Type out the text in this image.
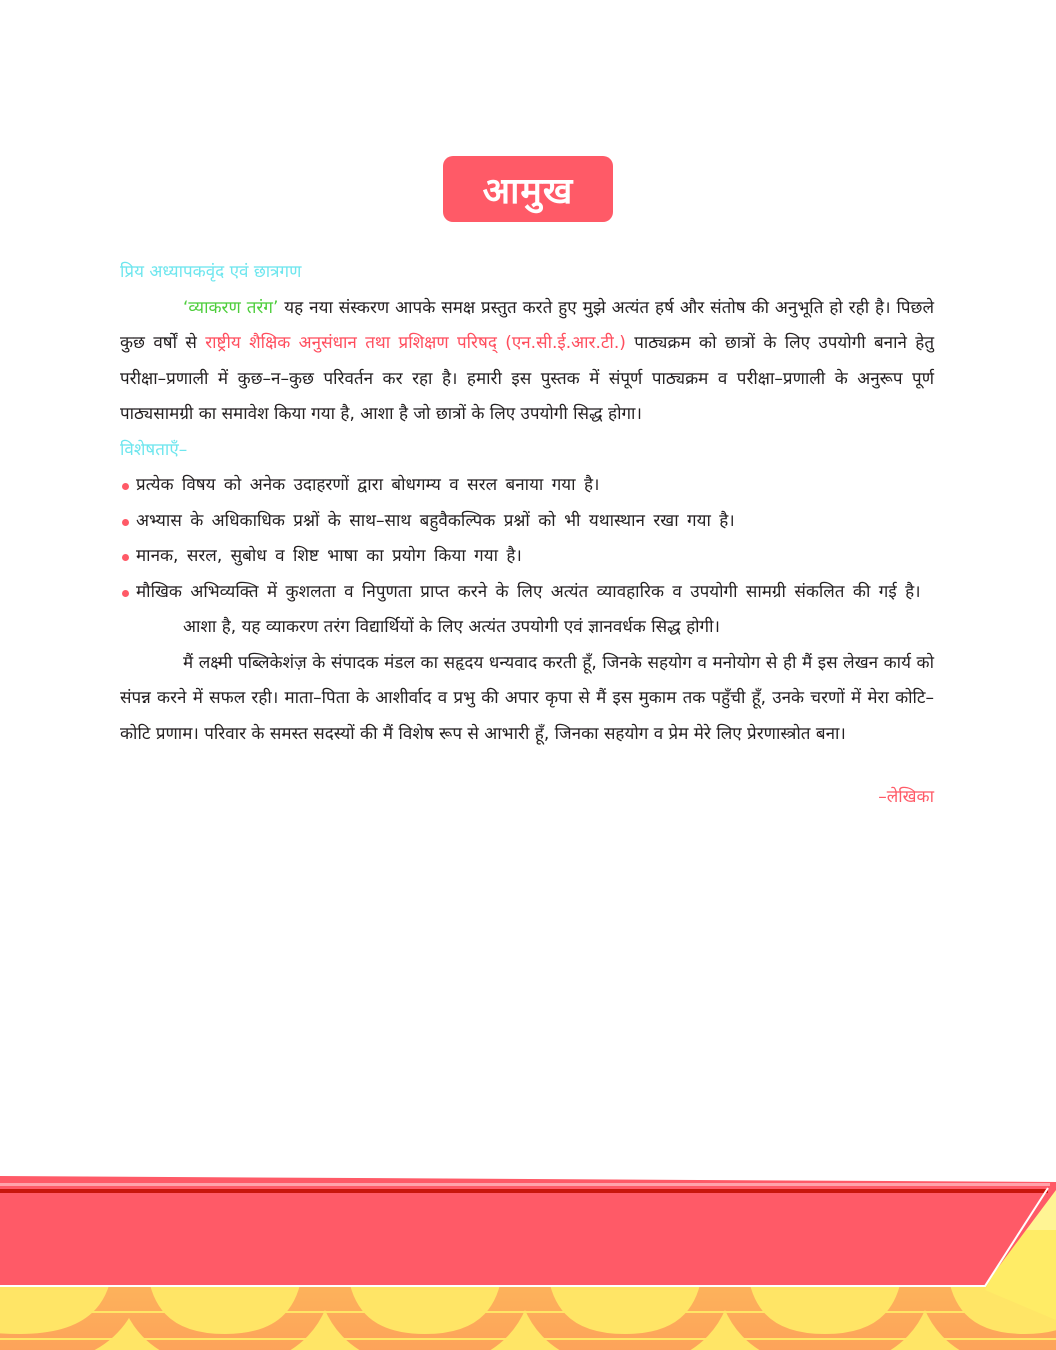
आमुख

प्रिय अध्यापकवृंद एवं छात्रगण

‘व्याकरण तरंग’ यह नया संस्करण आपके समक्ष प्रस्तुत करते हुए मुझे अत्यंत हर्ष और संतोष की अनुभूति हो रही है। पिछले कुछ वर्षों से राष्ट्रीय शैक्षिक अनुसंधान तथा प्रशिक्षण परिषद् (एन.सी.ई.आर.टी.) पाठ्यक्रम को छात्रों के लिए उपयोगी बनाने हेतु परीक्षा–प्रणाली में कुछ–न–कुछ परिवर्तन कर रहा है। हमारी इस पुस्तक में संपूर्ण पाठ्यक्रम व परीक्षा–प्रणाली के अनुरूप पूर्ण पाठ्यसामग्री का समावेश किया गया है, आशा है जो छात्रों के लिए उपयोगी सिद्ध होगा।

विशेषताएँ–

प्रत्येक विषय को अनेक उदाहरणों द्वारा बोधगम्य व सरल बनाया गया है।
अभ्यास के अधिकाधिक प्रश्नों के साथ–साथ बहुवैकल्पिक प्रश्नों को भी यथास्थान रखा गया है।
मानक, सरल, सुबोध व शिष्ट भाषा का प्रयोग किया गया है।
मौखिक अभिव्यक्ति में कुशलता व निपुणता प्राप्त करने के लिए अत्यंत व्यावहारिक व उपयोगी सामग्री संकलित की गई है।

आशा है, यह व्याकरण तरंग विद्यार्थियों के लिए अत्यंत उपयोगी एवं ज्ञानवर्धक सिद्ध होगी।

मैं लक्ष्मी पब्लिकेशंज़ के संपादक मंडल का सहृदय धन्यवाद करती हूँ, जिनके सहयोग व मनोयोग से ही मैं इस लेखन कार्य को संपन्न करने में सफल रही। माता–पिता के आशीर्वाद व प्रभु की अपार कृपा से मैं इस मुकाम तक पहुँची हूँ, उनके चरणों में मेरा कोटि–कोटि प्रणाम। परिवार के समस्त सदस्यों की मैं विशेष रूप से आभारी हूँ, जिनका सहयोग व प्रेम मेरे लिए प्रेरणास्त्रोत बना।

–लेखिका
